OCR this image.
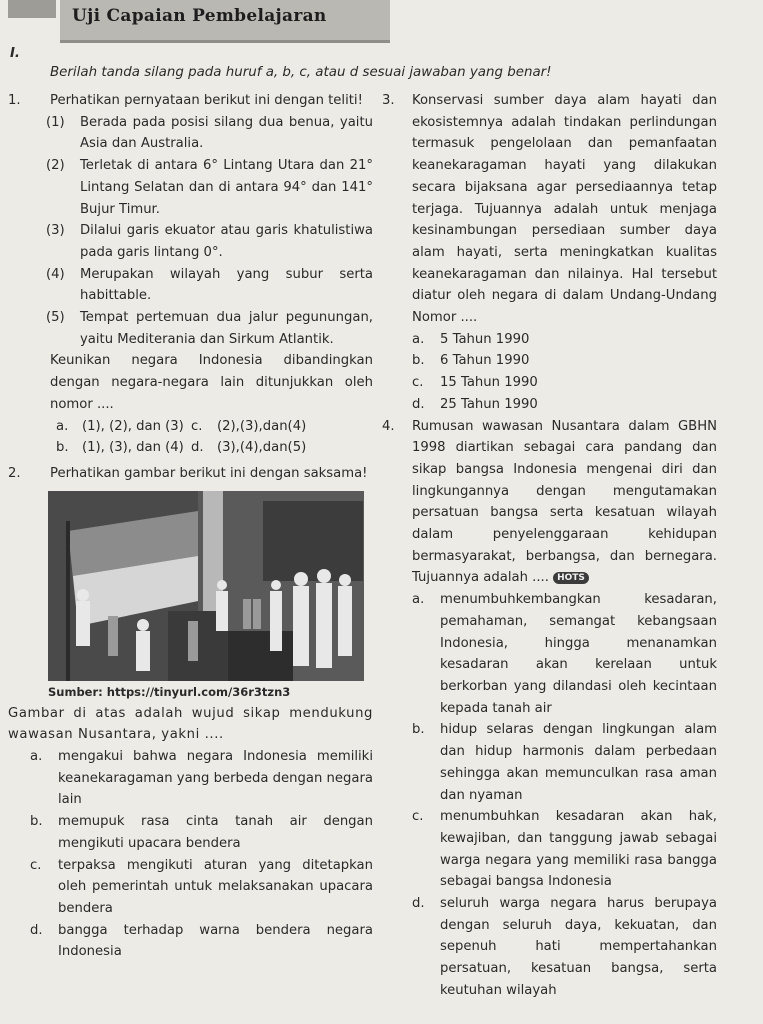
Uji Capaian Pembelajaran
I.
Berilah tanda silang pada huruf a, b, c, atau d sesuai jawaban yang benar!
1. Perhatikan pernyataan berikut ini dengan teliti!
(1)	Berada pada posisi silang dua benua, yaitu Asia dan Australia.
(2)	Terletak di antara 6° Lintang Utara dan 21° Lintang Selatan dan di antara 94° dan 141° Bujur Timur.
(3)	Dilalui garis ekuator atau garis khatulistiwa pada garis lintang 0°.
(4)	Merupakan wilayah yang subur serta habittable.
(5)	Tempat pertemuan dua jalur pegunungan, yaitu Mediterania dan Sirkum Atlantik.
Keunikan negara Indonesia dibandingkan dengan negara-negara lain ditunjukkan oleh nomor ....
a.	(1), (2), dan (3) c.	(2),(3),dan(4)
b.	(1), (3), dan (4) d.	(3),(4),dan(5)
2. Perhatikan gambar berikut ini dengan saksama!
Sumber: https://tinyurl.com/36r3tzn3
Gambar di atas adalah wujud sikap mendukung wawasan Nusantara, yakni ....
a.	mengakui bahwa negara Indonesia memiliki keanekaragaman yang berbeda dengan negara lain
b.	memupuk rasa cinta tanah air dengan mengikuti upacara bendera
c.	terpaksa mengikuti aturan yang ditetapkan oleh pemerintah untuk melaksanakan upacara bendera
d.	bangga terhadap warna bendera negara Indonesia
3. Konservasi sumber daya alam hayati dan ekosistemnya adalah tindakan perlindungan termasuk pengelolaan dan pemanfaatan keanekaragaman hayati yang dilakukan secara bijaksana agar persediaannya tetap terjaga. Tujuannya adalah untuk menjaga kesinambungan persediaan sumber daya alam hayati, serta meningkatkan kualitas keanekaragaman dan nilainya. Hal tersebut diatur oleh negara di dalam Undang-Undang Nomor ....
a.	5 Tahun 1990
b.	6 Tahun 1990
c.	15 Tahun 1990
d.	25 Tahun 1990
4. Rumusan wawasan Nusantara dalam GBHN 1998 diartikan sebagai cara pandang dan sikap bangsa Indonesia mengenai diri dan lingkungannya dengan mengutamakan persatuan bangsa serta kesatuan wilayah dalam penyelenggaraan kehidupan bermasyarakat, berbangsa, dan bernegara. Tujuannya adalah .... HOTS
a.	menumbuhkembangkan kesadaran, pemahaman, semangat kebangsaan Indonesia, hingga menanamkan kesadaran akan kerelaan untuk berkorban yang dilandasi oleh kecintaan kepada tanah air
b.	hidup selaras dengan lingkungan alam dan hidup harmonis dalam perbedaan sehingga akan memunculkan rasa aman dan nyaman
c.	menumbuhkan kesadaran akan hak, kewajiban, dan tanggung jawab sebagai warga negara yang memiliki rasa bangga sebagai bangsa Indonesia
d.	seluruh warga negara harus berupaya dengan seluruh daya, kekuatan, dan sepenuh hati mempertahankan persatuan, kesatuan bangsa, serta keutuhan wilayah
